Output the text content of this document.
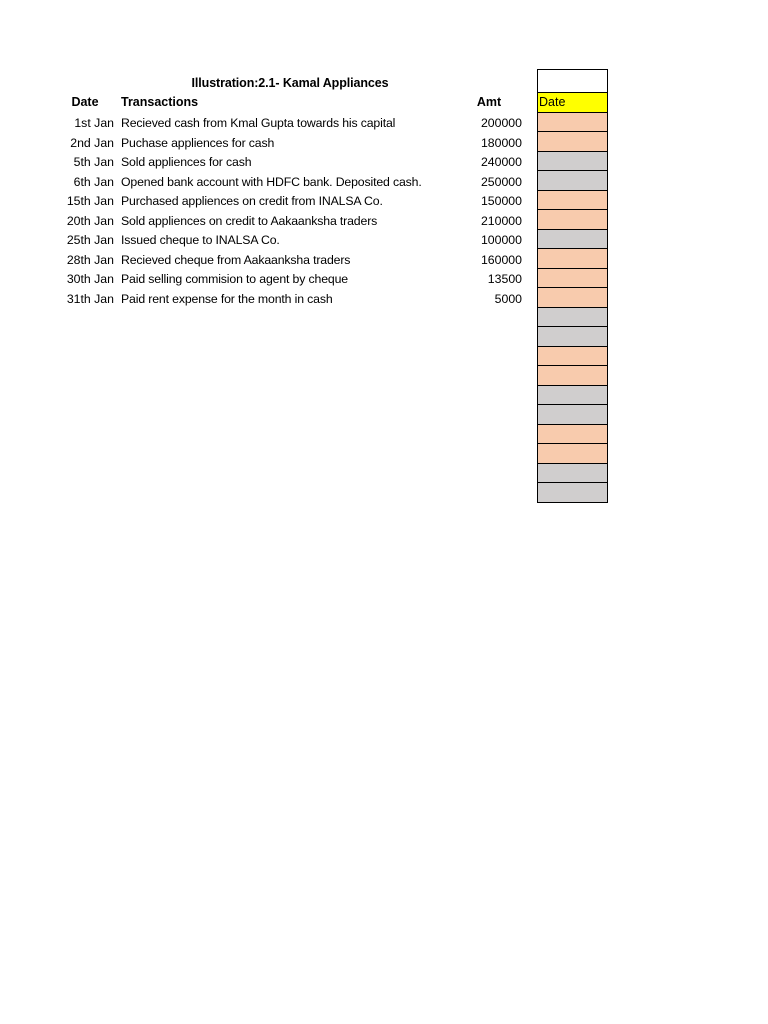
Illustration:2.1- Kamal Appliances
Date	Transactions	Amt
1st Jan Recieved cash from Kmal Gupta towards his capital	200000
2nd Jan Puchase appliences for cash	180000
5th Jan Sold appliences for cash	240000
6th Jan Opened bank account with HDFC bank. Deposited cash.	250000
15th Jan Purchased appliences on credit from INALSA Co.	150000
20th Jan Sold appliences on credit to Aakaanksha traders	210000
25th Jan Issued cheque to INALSA Co.	100000
28th Jan Recieved cheque from Aakaanksha traders	160000
30th Jan Paid selling commision to agent by cheque	13500
31th Jan Paid rent expense for the month in cash	5000
Date
